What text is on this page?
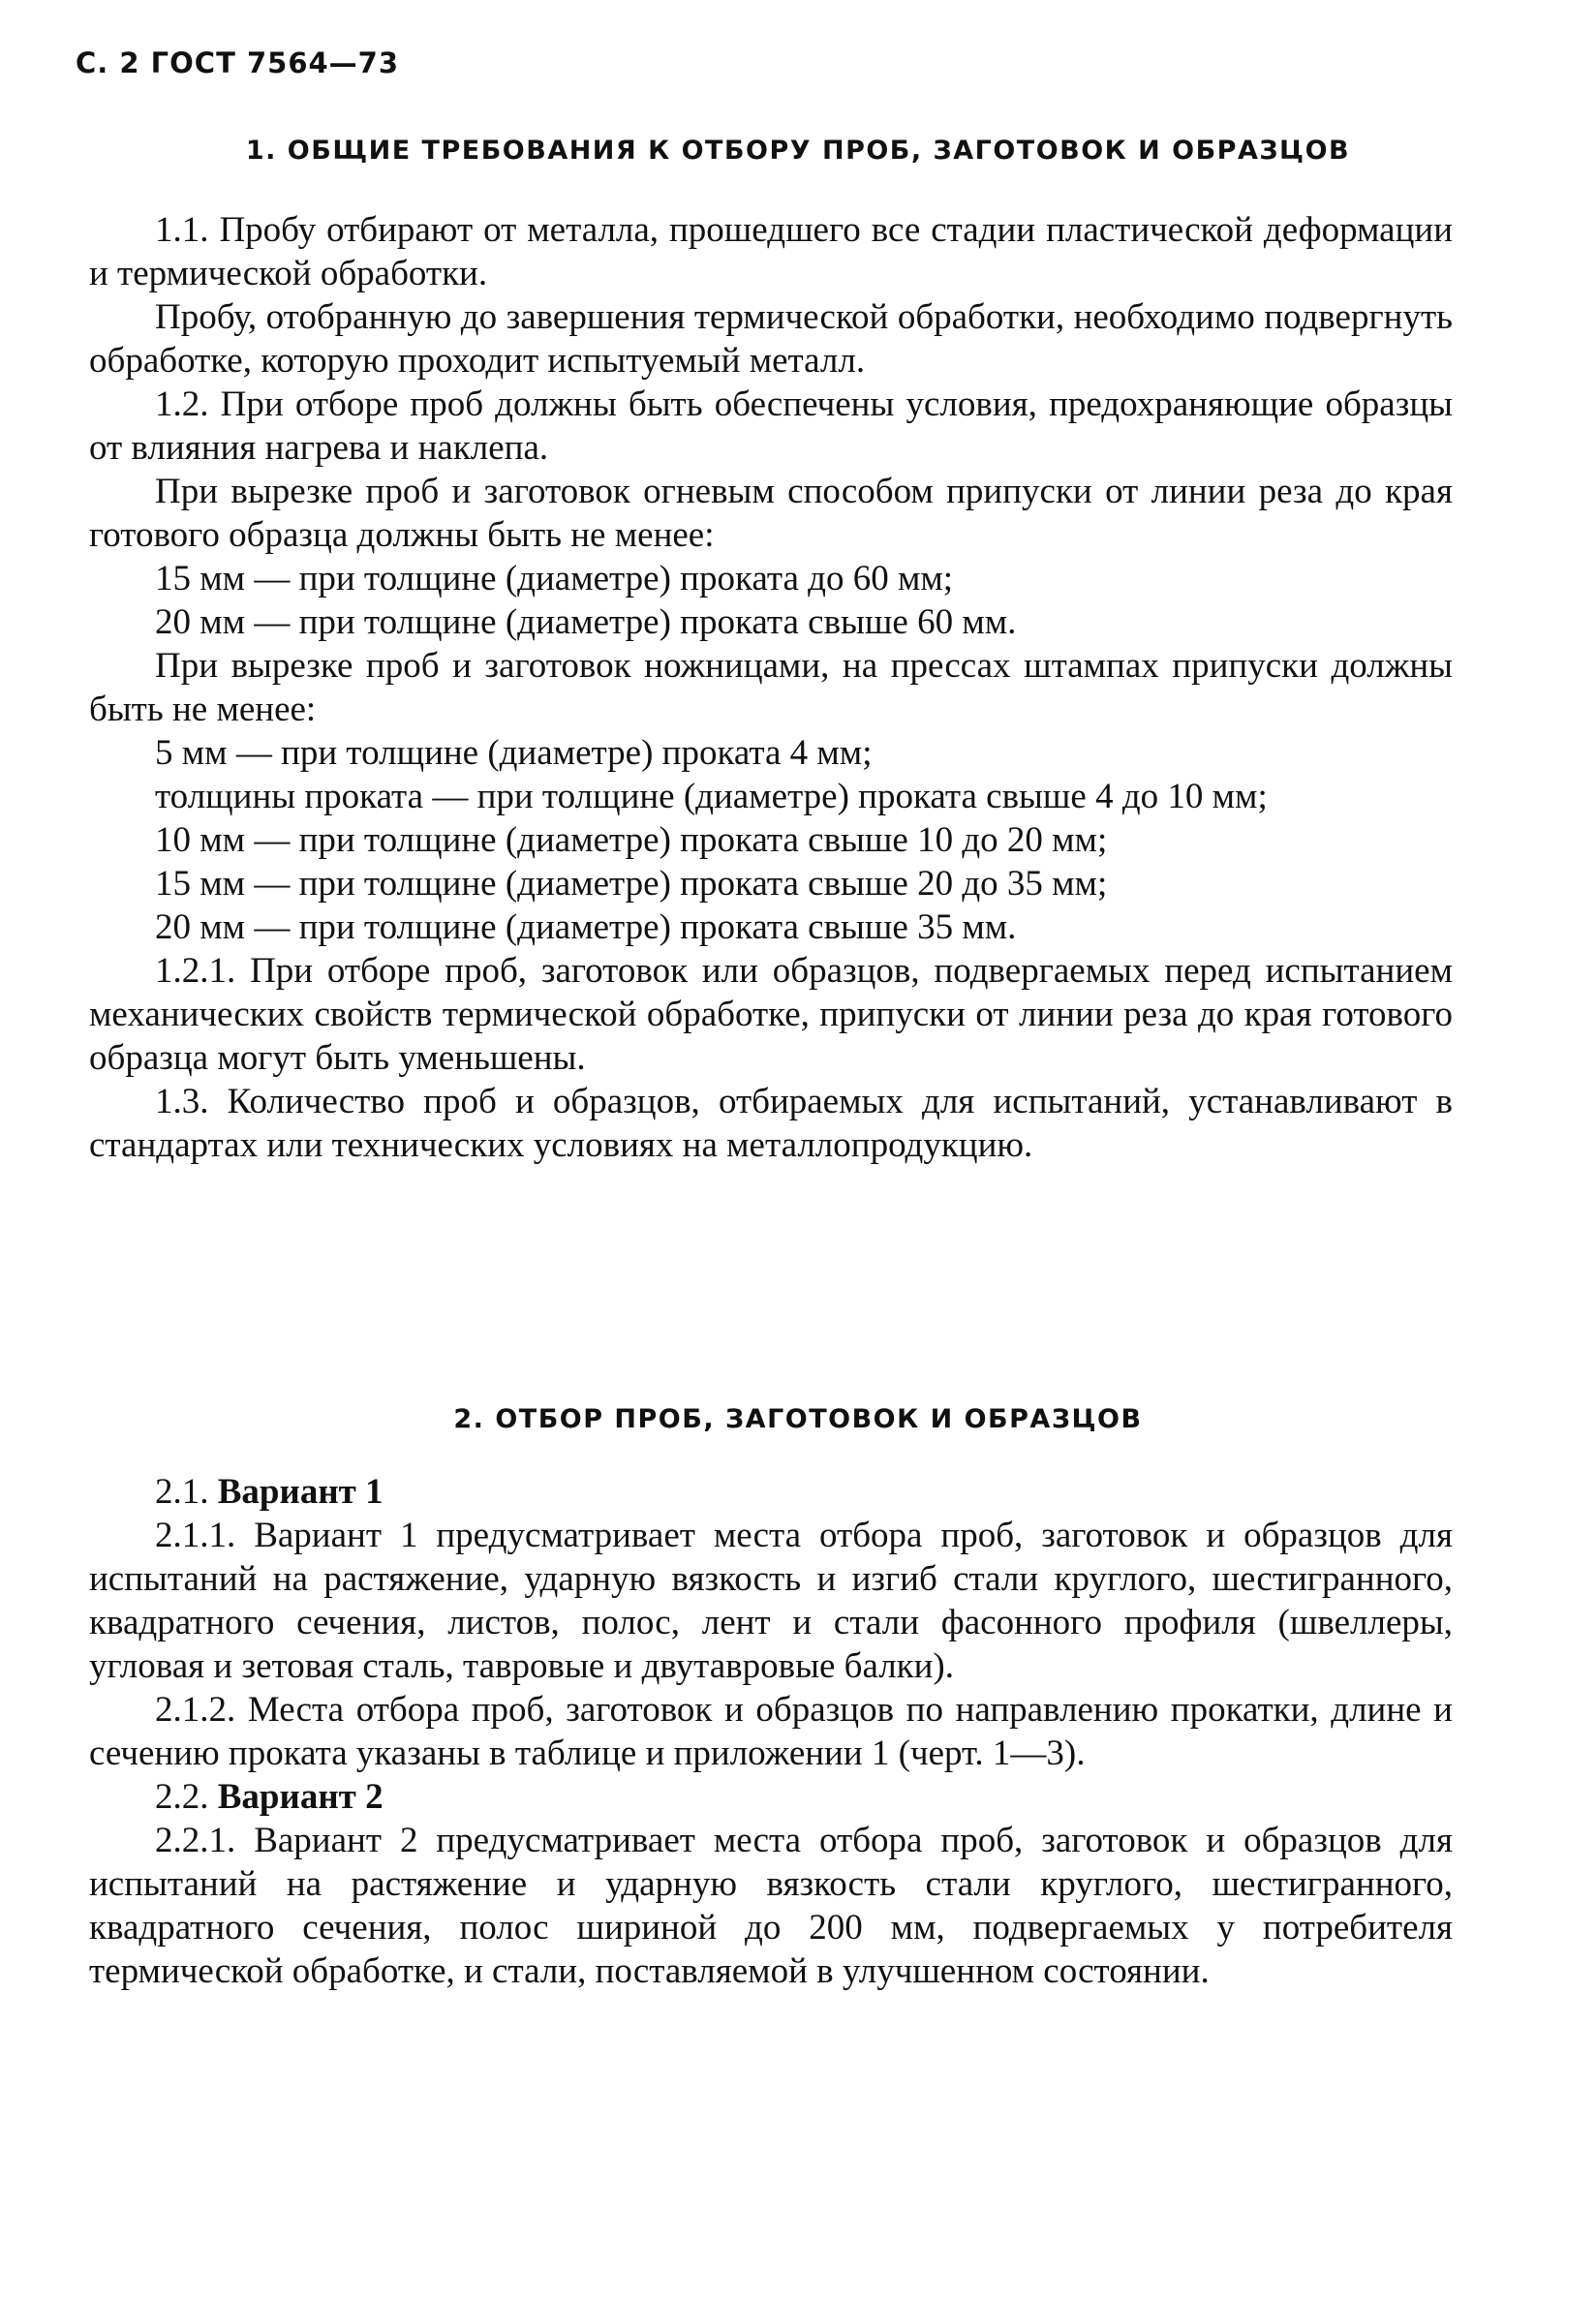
С. 2 ГОСТ 7564—73
1. ОБЩИЕ ТРЕБОВАНИЯ К ОТБОРУ ПРОБ, ЗАГОТОВОК И ОБРАЗЦОВ

1.1. Пробу отбирают от металла, прошедшего все стадии пластической деформации и термической обработки.

Пробу, отобранную до завершения термической обработки, необходимо подвергнуть обработке, которую проходит испытуемый металл.

1.2. При отборе проб должны быть обеспечены условия, предохраняющие образцы от влияния нагрева и наклепа.

При вырезке проб и заготовок огневым способом припуски от линии реза до края готового образца должны быть не менее:

15 мм — при толщине (диаметре) проката до 60 мм;

20 мм — при толщине (диаметре) проката свыше 60 мм.

При вырезке проб и заготовок ножницами, на прессах штампах припуски должны быть не менее:

5 мм — при толщине (диаметре) проката 4 мм;

толщины проката — при толщине (диаметре) проката свыше 4 до 10 мм;

10 мм — при толщине (диаметре) проката свыше 10 до 20 мм;

15 мм — при толщине (диаметре) проката свыше 20 до 35 мм;

20 мм — при толщине (диаметре) проката свыше 35 мм.

1.2.1. При отборе проб, заготовок или образцов, подвергаемых перед испытанием механических свойств термической обработке, припуски от линии реза до края готового образца могут быть уменьшены.

1.3. Количество проб и образцов, отбираемых для испытаний, устанавливают в стандартах или технических условиях на металлопродукцию.

2. ОТБОР ПРОБ, ЗАГОТОВОК И ОБРАЗЦОВ

2.1. Вариант 1

2.1.1. Вариант 1 предусматривает места отбора проб, заготовок и образцов для испытаний на растяжение, ударную вязкость и изгиб стали круглого, шестигранного, квадратного сечения, листов, полос, лент и стали фасонного профиля (швеллеры, угловая и зетовая сталь, тавровые и двутавровые балки).

2.1.2. Места отбора проб, заготовок и образцов по направлению прокатки, длине и сечению проката указаны в таблице и приложении 1 (черт. 1—3).

2.2. Вариант 2

2.2.1. Вариант 2 предусматривает места отбора проб, заготовок и образцов для испытаний на растяжение и ударную вязкость стали круглого, шестигранного, квадратного сечения, полос шириной до 200 мм, подвергаемых у потребителя термической обработке, и стали, поставляемой в улучшенном состоянии.
